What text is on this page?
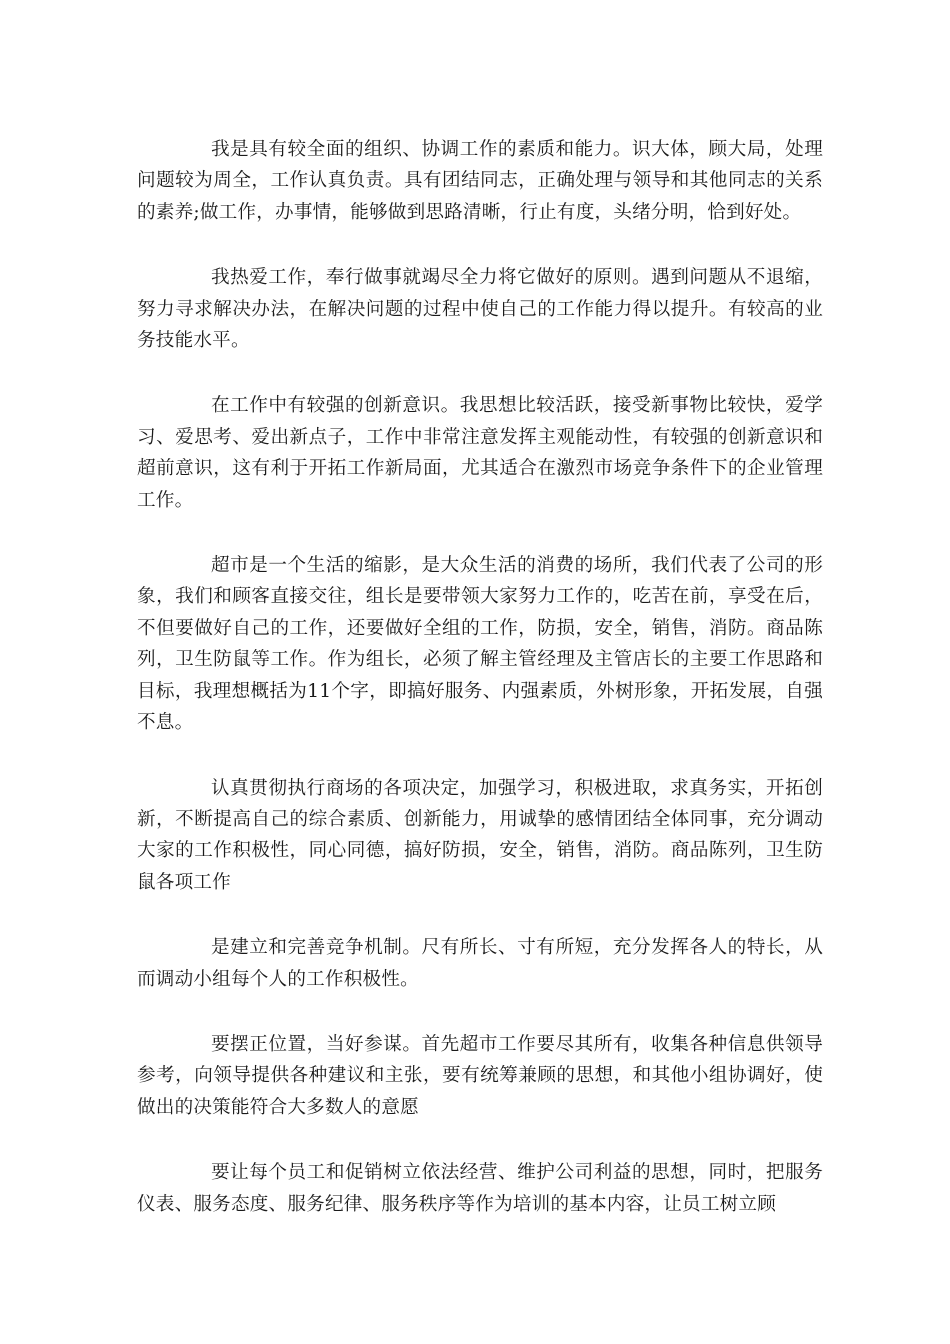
我是具有较全面的组织、协调工作的素质和能力。识大体，顾大局，处理问题较为周全，工作认真负责。具有团结同志，正确处理与领导和其他同志的关系的素养;做工作，办事情，能够做到思路清晰，行止有度，头绪分明，恰到好处。

我热爱工作，奉行做事就竭尽全力将它做好的原则。遇到问题从不退缩，努力寻求解决办法，在解决问题的过程中使自己的工作能力得以提升。有较高的业务技能水平。

在工作中有较强的创新意识。我思想比较活跃，接受新事物比较快，爱学习、爱思考、爱出新点子，工作中非常注意发挥主观能动性，有较强的创新意识和超前意识，这有利于开拓工作新局面，尤其适合在激烈市场竞争条件下的企业管理工作。

超市是一个生活的缩影，是大众生活的消费的场所，我们代表了公司的形象，我们和顾客直接交往，组长是要带领大家努力工作的，吃苦在前，享受在后，不但要做好自己的工作，还要做好全组的工作，防损，安全，销售，消防。商品陈列，卫生防鼠等工作。作为组长，必须了解主管经理及主管店长的主要工作思路和目标，我理想概括为11个字，即搞好服务、内强素质，外树形象，开拓发展，自强不息。

认真贯彻执行商场的各项决定，加强学习，积极进取，求真务实，开拓创新，不断提高自己的综合素质、创新能力，用诚挚的感情团结全体同事，充分调动大家的工作积极性，同心同德，搞好防损，安全，销售，消防。商品陈列，卫生防鼠各项工作

是建立和完善竞争机制。尺有所长、寸有所短，充分发挥各人的特长，从而调动小组每个人的工作积极性。

要摆正位置，当好参谋。首先超市工作要尽其所有，收集各种信息供领导参考，向领导提供各种建议和主张，要有统筹兼顾的思想，和其他小组协调好，使做出的决策能符合大多数人的意愿

要让每个员工和促销树立依法经营、维护公司利益的思想，同时，把服务仪表、服务态度、服务纪律、服务秩序等作为培训的基本内容，让员工树立顾
